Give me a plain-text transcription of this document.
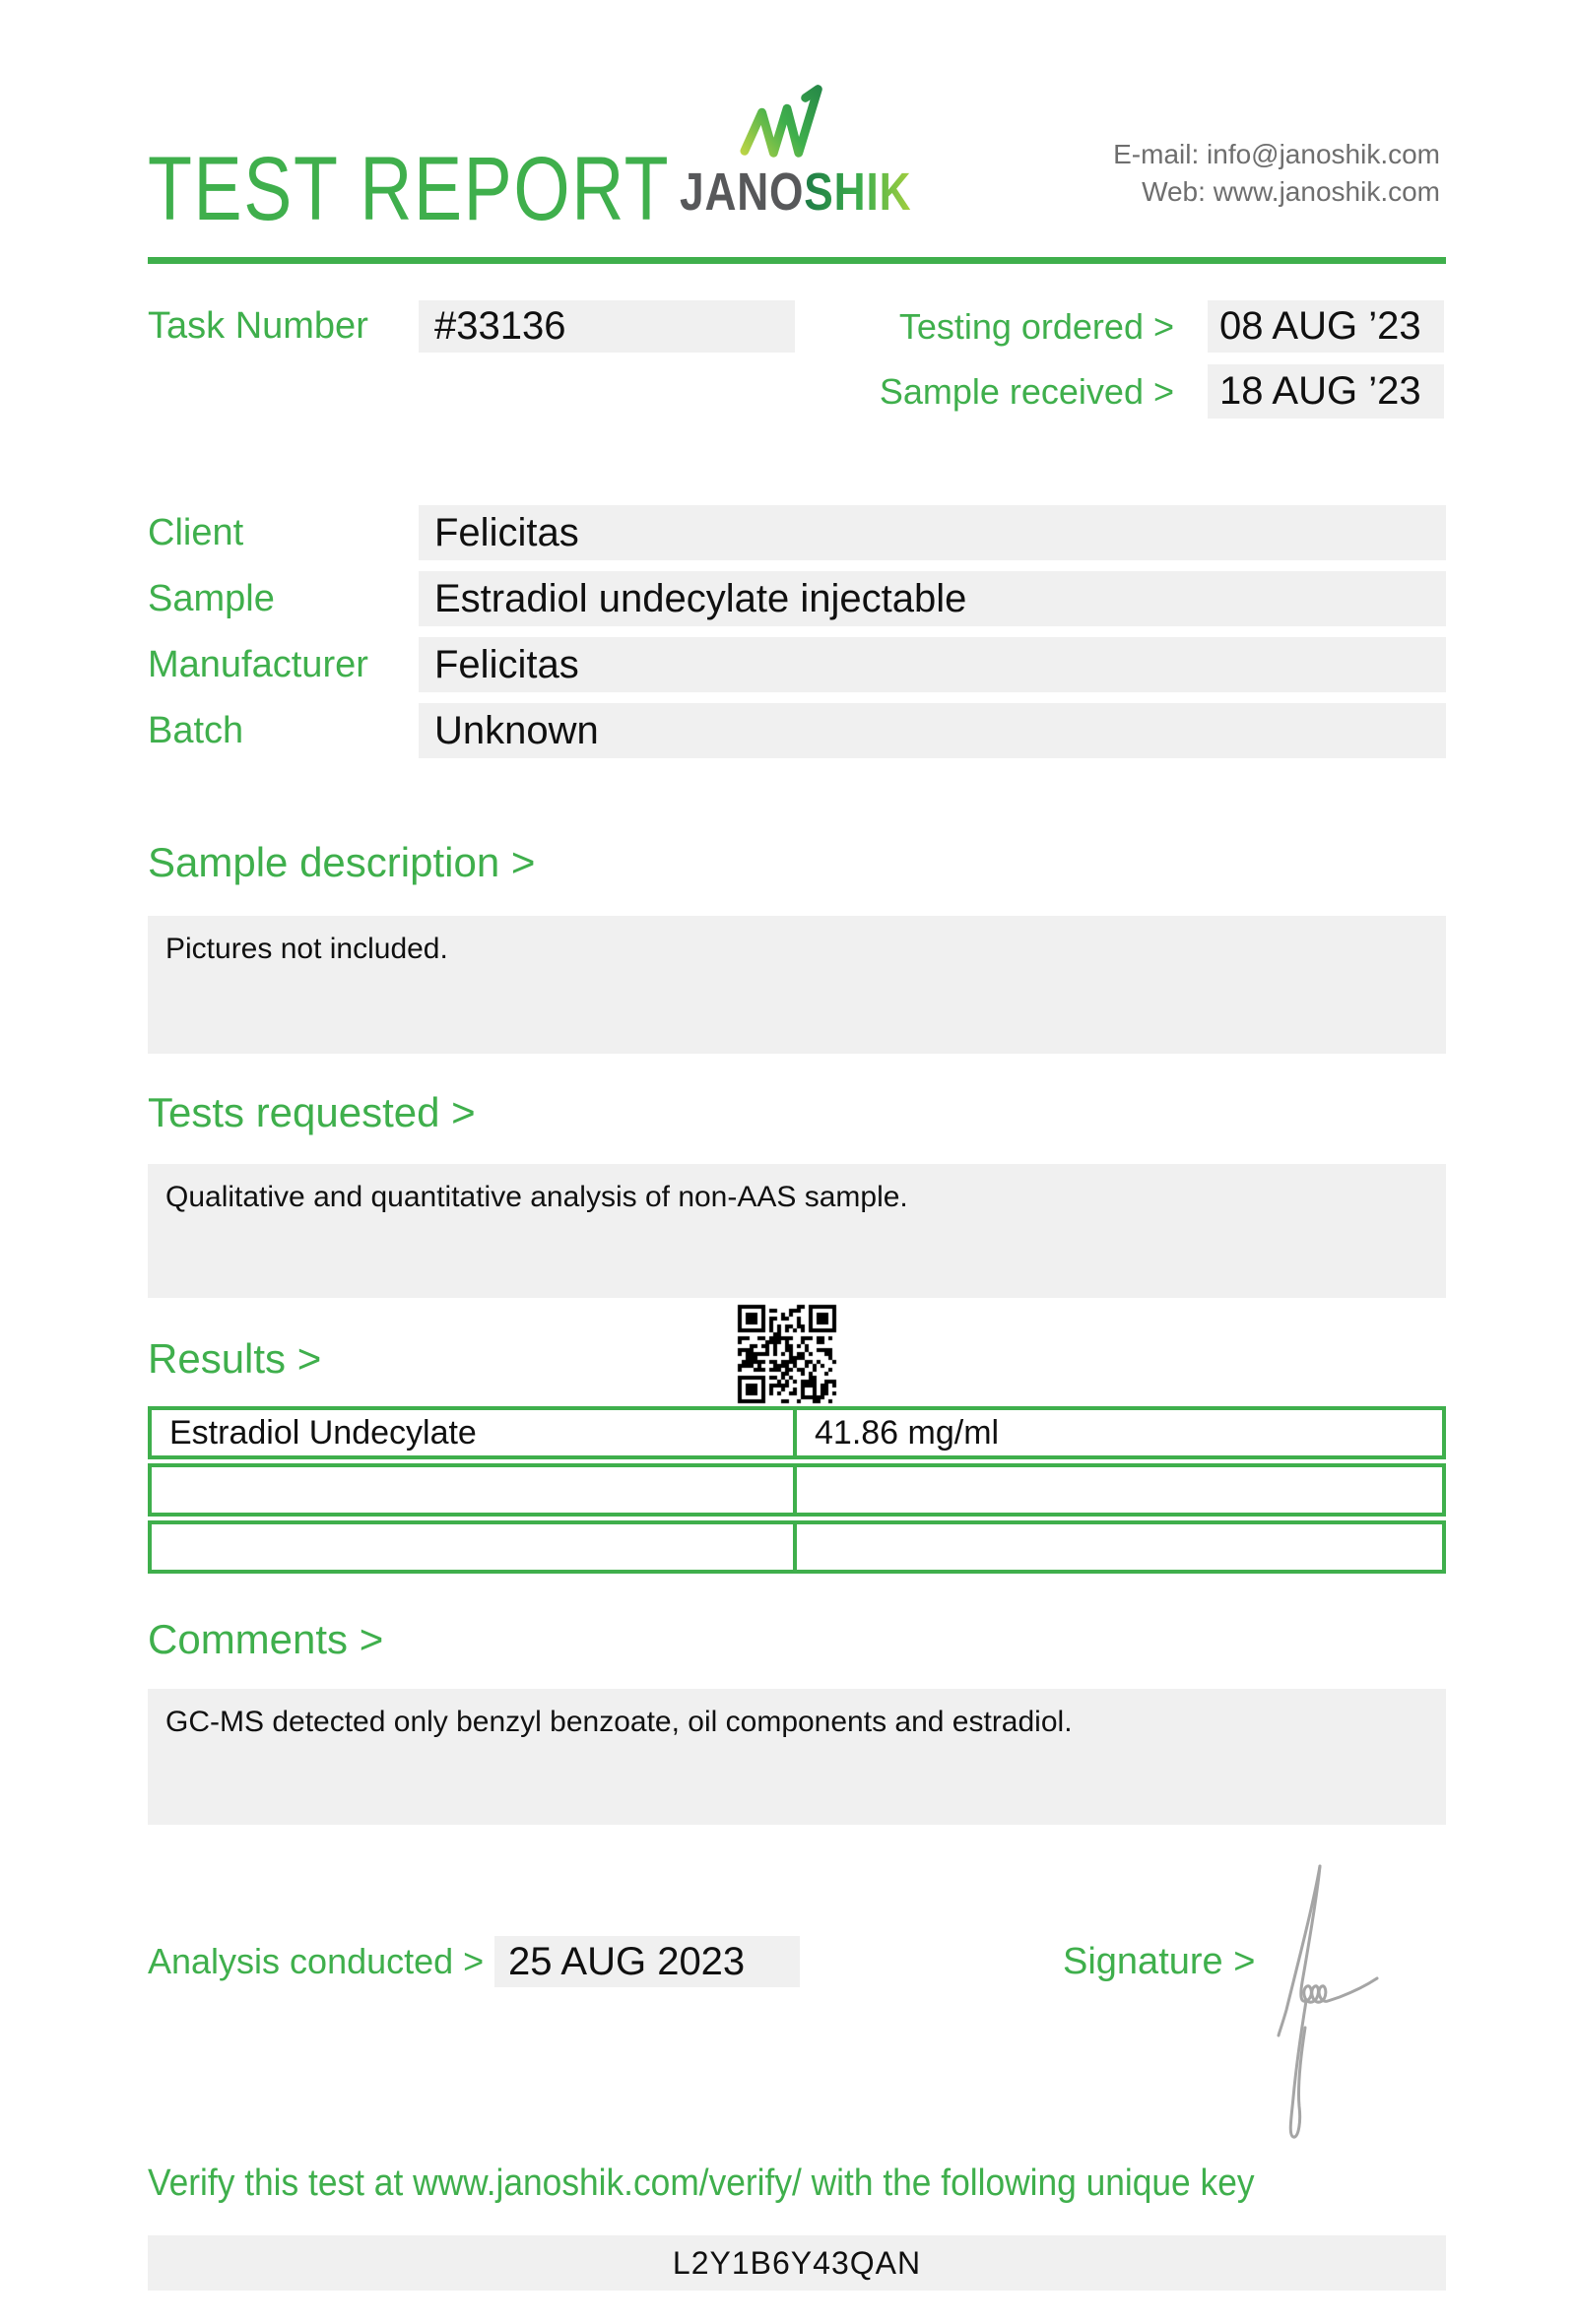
TEST REPORT JANOSHIK
E-mail: info@janoshik.com
Web: www.janoshik.com
Task Number	#33136	Testing ordered >	08 AUG ’23
Sample received >	18 AUG ’23
Client	Felicitas
Sample	Estradiol undecylate injectable
Manufacturer	Felicitas
Batch	Unknown
Sample description >
Pictures not included.
Tests requested >
Qualitative and quantitative analysis of non-AAS sample.
Results >
Estradiol Undecylate	41.86 mg/ml
Comments >
GC-MS detected only benzyl benzoate, oil components and estradiol.
Analysis conducted > 25 AUG 2023	Signature >
Verify this test at www.janoshik.com/verify/ with the following unique key
L2Y1B6Y43QAN
